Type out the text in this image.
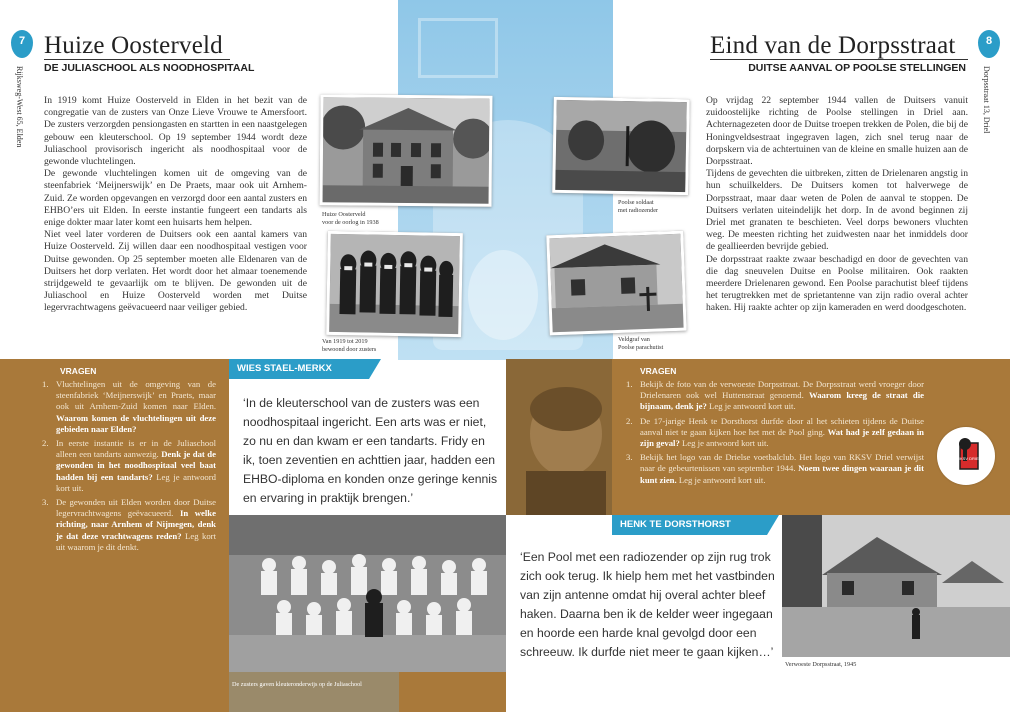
7
Rijksweg-West 65, Elden
Huize Oosterveld
DE JULIASCHOOL ALS NOODHOSPITAAL
In 1919 komt Huize Oosterveld in Elden in het bezit van de congregatie van de zusters van Onze Lieve Vrouwe te Amersfoort. De zusters verzorgden pensiongasten en startten in een naastgelegen gebouw een kleuterschool. Op 19 september 1944 wordt deze Juliaschool provisorisch ingericht als noodhospitaal voor de gewonde vluchtelingen.
De gewonde vluchtelingen komen uit de omgeving van de steenfabriek ‘Meijnerswijk’ en De Praets, maar ook uit Arnhem-Zuid. Ze worden opgevangen en verzorgd door een aantal zusters en EHBO’ers uit Elden. In eerste instantie fungeert een tandarts als enige dokter maar later komt een huisarts hem helpen.
Niet veel later vorderen de Duitsers ook een aantal kamers van Huize Oosterveld. Zij willen daar een noodhospitaal vestigen voor Duitse gewonden. Op 25 september moeten alle Eldenaren van de Duitsers het dorp verlaten. Het wordt door het almaar toenemende strijdgeweld te gevaarlijk om te blijven. De gewonden uit de Juliaschool en Huize Oosterveld worden met Duitse legervrachtwagens geëvacueerd naar veiliger gebied.
Huize Oosterveld
voor de oorlog in 1938
Van 1919 tot 2019
bewoond door zusters
8
Dorpsstraat 13, Driel
Eind van de Dorpsstraat
DUITSE AANVAL OP POOLSE STELLINGEN
Op vrijdag 22 september 1944 vallen de Duitsers vanuit zuidoostelijke richting de Poolse stellingen in Driel aan. Achternagezeten door de Duitse troepen trekken de Polen, die bij de Honingveldsestraat ingegraven lagen, zich snel terug naar de dorpskern via de achtertuinen van de kleine en smalle huizen aan de Dorpsstraat.
Tijdens de gevechten die uitbreken, zitten de Drielenaren angstig in hun schuilkelders. De Duitsers komen tot halverwege de Dorpsstraat, maar daar weten de Polen de aanval te stoppen. De Duitsers verlaten uiteindelijk het dorp. In de avond beginnen zij Driel met granaten te beschieten. Veel dorps bewoners vluchten weg. De meesten richting het zuidwesten naar het inmiddels door de geallieerden bevrijde gebied.
De dorpsstraat raakte zwaar beschadigd en door de gevechten van die dag sneuvelen Duitse en Poolse militairen. Ook raakten meerdere Drielenaren gewond. Een Poolse parachutist bleef tijdens het terugtrekken met de sprietantenne van zijn radio overal achter haken. Hij raakte achter op zijn kameraden en werd doodgeschoten.
Poolse soldaat
met radiozender
Veldgraf van
Poolse parachutist
VRAGEN
1. Vluchtelingen uit de omgeving van de steenfabriek ‘Meijnerswijk’ en Praets, maar ook uit Arnhem-Zuid komen naar Elden. Waarom komen de vluchtelingen uit deze gebieden naar Elden?
2. In eerste instantie is er in de Juliaschool alleen een tandarts aanwezig. Denk je dat de gewonden in het noodhospitaal veel baat hadden bij een tandarts? Leg je antwoord kort uit.
3. De gewonden uit Elden worden door Duitse legervrachtwagens geëvacueerd. In welke richting, naar Arnhem of Nijmegen, denk je dat deze vrachtwagens reden? Leg kort uit waarom je dit denkt.
WIES STAEL-MERKX
‘In de kleuterschool van de zusters was een
noodhospitaal ingericht. Een arts was er niet,
zo nu en dan kwam er een tandarts. Fridy en
ik, toen zeventien en achttien jaar, hadden een
EHBO-diploma en konden onze geringe kennis
en ervaring in praktijk brengen.’
De zusters gaven kleuteronderwijs op de Juliaschool
VRAGEN
1. Bekijk de foto van de verwoeste Dorpsstraat. De Dorpsstraat werd vroeger door Drielenaren ook wel Huttenstraat genoemd. Waarom kreeg de straat die bijnaam, denk je? Leg je antwoord kort uit.
2. De 17-jarige Henk te Dorsthorst durfde door al het schieten tijdens de Duitse aanval niet te gaan kijken hoe het met de Pool ging. Wat had je zelf gedaan in zijn geval? Leg je antwoord kort uit.
3. Bekijk het logo van de Drielse voetbalclub. Het logo van RKSV Driel verwijst naar de gebeurtenissen van september 1944. Noem twee dingen waaraan je dit kunt zien. Leg je antwoord kort uit.
RKSV DRIEL
HENK TE DORSTHORST
‘Een Pool met een radiozender op zijn rug trok
zich ook terug. Ik hielp hem met het vastbinden
van zijn antenne omdat hij overal achter bleef
haken. Daarna ben ik de kelder weer ingegaan
en hoorde een harde knal gevolgd door een
schreeuw. Ik durfde niet meer te gaan kijken…’
Verwoeste Dorpsstraat, 1945
